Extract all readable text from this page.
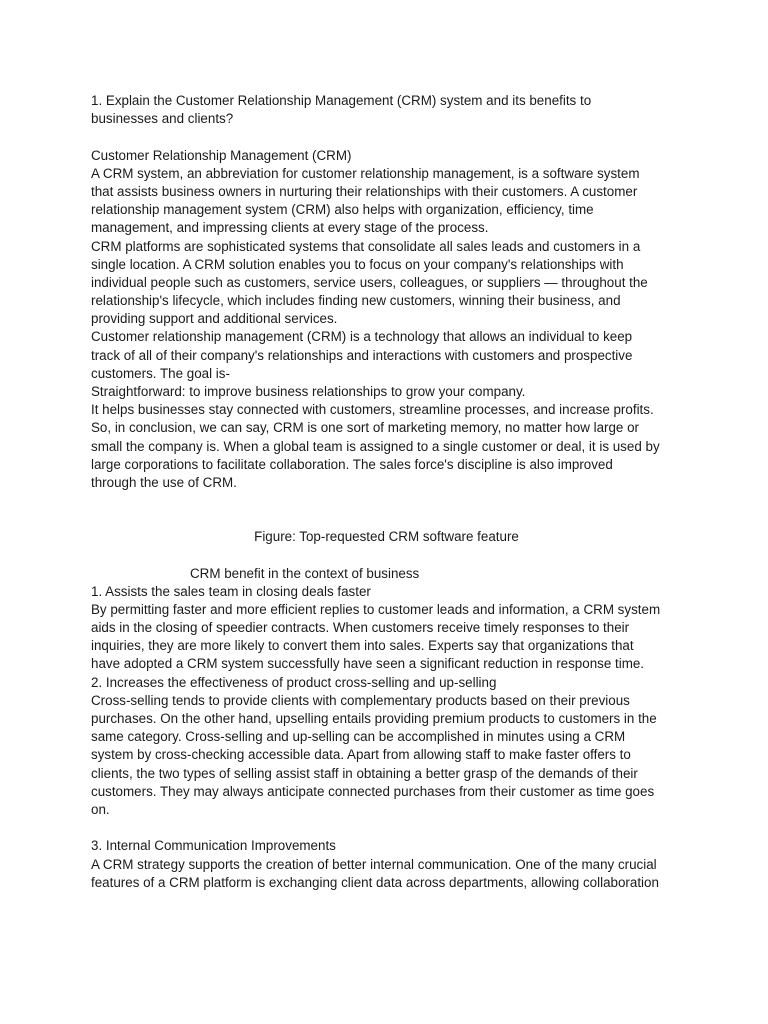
1. Explain the Customer Relationship Management (CRM) system and its benefits to
businesses and clients?
Customer Relationship Management (CRM)
A CRM system, an abbreviation for customer relationship management, is a software system
that assists business owners in nurturing their relationships with their customers. A customer
relationship management system (CRM) also helps with organization, efficiency, time
management, and impressing clients at every stage of the process.
CRM platforms are sophisticated systems that consolidate all sales leads and customers in a
single location. A CRM solution enables you to focus on your company's relationships with
individual people such as customers, service users, colleagues, or suppliers — throughout the
relationship's lifecycle, which includes finding new customers, winning their business, and
providing support and additional services.
Customer relationship management (CRM) is a technology that allows an individual to keep
track of all of their company's relationships and interactions with customers and prospective
customers. The goal is-
Straightforward: to improve business relationships to grow your company.
It helps businesses stay connected with customers, streamline processes, and increase profits.
So, in conclusion, we can say, CRM is one sort of marketing memory, no matter how large or
small the company is. When a global team is assigned to a single customer or deal, it is used by
large corporations to facilitate collaboration. The sales force's discipline is also improved
through the use of CRM.
Figure: Top-requested CRM software feature
CRM benefit in the context of business
1. Assists the sales team in closing deals faster
By permitting faster and more efficient replies to customer leads and information, a CRM system
aids in the closing of speedier contracts. When customers receive timely responses to their
inquiries, they are more likely to convert them into sales. Experts say that organizations that
have adopted a CRM system successfully have seen a significant reduction in response time.
2. Increases the effectiveness of product cross-selling and up-selling
Cross-selling tends to provide clients with complementary products based on their previous
purchases. On the other hand, upselling entails providing premium products to customers in the
same category. Cross-selling and up-selling can be accomplished in minutes using a CRM
system by cross-checking accessible data. Apart from allowing staff to make faster offers to
clients, the two types of selling assist staff in obtaining a better grasp of the demands of their
customers. They may always anticipate connected purchases from their customer as time goes
on.
3. Internal Communication Improvements
A CRM strategy supports the creation of better internal communication. One of the many crucial
features of a CRM platform is exchanging client data across departments, allowing collaboration
